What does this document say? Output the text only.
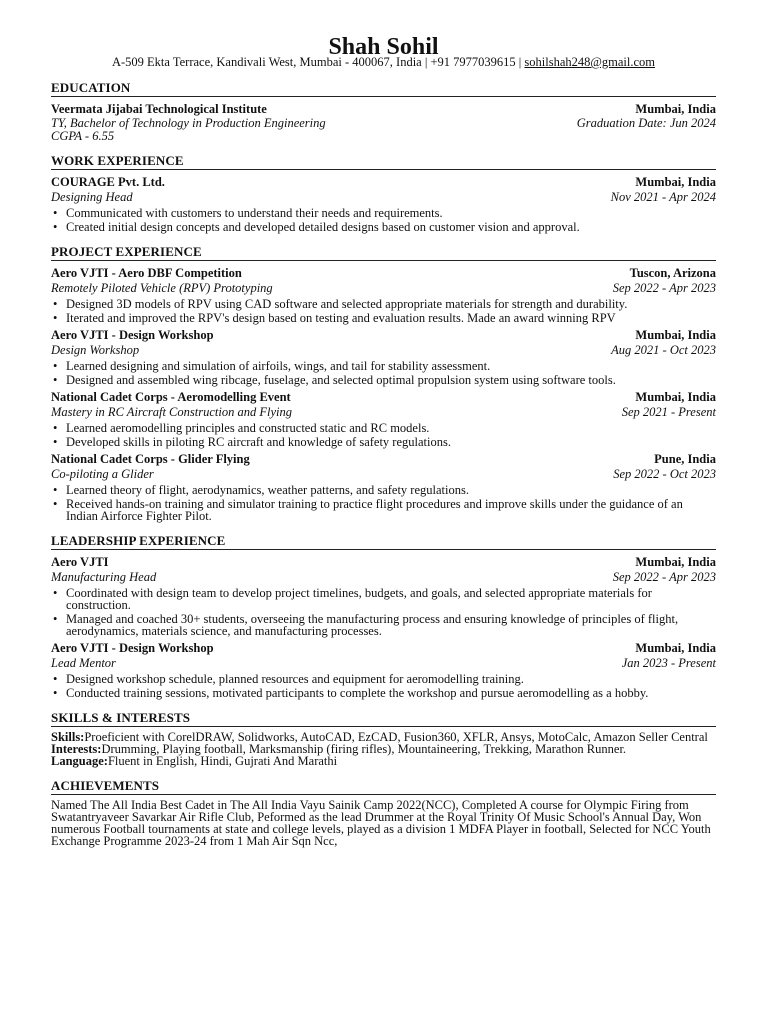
Shah Sohil
A-509 Ekta Terrace, Kandivali West, Mumbai - 400067, India | +91 7977039615 | sohilshah248@gmail.com
EDUCATION
Veermata Jijabai Technological Institute	Mumbai, India
TY, Bachelor of Technology in Production Engineering	Graduation Date: Jun 2024
CGPA - 6.55
WORK EXPERIENCE
COURAGE Pvt. Ltd.	Mumbai, India
Designing Head	Nov 2021 - Apr 2024
• Communicated with customers to understand their needs and requirements.
• Created initial design concepts and developed detailed designs based on customer vision and approval.
PROJECT EXPERIENCE
Aero VJTI - Aero DBF Competition	Tuscon, Arizona
Remotely Piloted Vehicle (RPV) Prototyping	Sep 2022 - Apr 2023
• Designed 3D models of RPV using CAD software and selected appropriate materials for strength and durability.
• Iterated and improved the RPV's design based on testing and evaluation results. Made an award winning RPV
Aero VJTI - Design Workshop	Mumbai, India
Design Workshop	Aug 2021 - Oct 2023
• Learned designing and simulation of airfoils, wings, and tail for stability assessment.
• Designed and assembled wing ribcage, fuselage, and selected optimal propulsion system using software tools.
National Cadet Corps - Aeromodelling Event	Mumbai, India
Mastery in RC Aircraft Construction and Flying	Sep 2021 - Present
• Learned aeromodelling principles and constructed static and RC models.
• Developed skills in piloting RC aircraft and knowledge of safety regulations.
National Cadet Corps - Glider Flying	Pune, India
Co-piloting a Glider	Sep 2022 - Oct 2023
• Learned theory of flight, aerodynamics, weather patterns, and safety regulations.
• Received hands-on training and simulator training to practice flight procedures and improve skills under the guidance of an Indian Airforce Fighter Pilot.
LEADERSHIP EXPERIENCE
Aero VJTI	Mumbai, India
Manufacturing Head	Sep 2022 - Apr 2023
• Coordinated with design team to develop project timelines, budgets, and goals, and selected appropriate materials for construction.
• Managed and coached 30+ students, overseeing the manufacturing process and ensuring knowledge of principles of flight, aerodynamics, materials science, and manufacturing processes.
Aero VJTI - Design Workshop	Mumbai, India
Lead Mentor	Jan 2023 - Present
• Designed workshop schedule, planned resources and equipment for aeromodelling training.
• Conducted training sessions, motivated participants to complete the workshop and pursue aeromodelling as a hobby.
SKILLS & INTERESTS
Skills:Proeficient with CorelDRAW, Solidworks, AutoCAD, EzCAD, Fusion360, XFLR, Ansys, MotoCalc, Amazon Seller Central
Interests:Drumming, Playing football, Marksmanship (firing rifles), Mountaineering, Trekking, Marathon Runner.
Language:Fluent in English, Hindi, Gujrati And Marathi
ACHIEVEMENTS
Named The All India Best Cadet in The All India Vayu Sainik Camp 2022(NCC), Completed A course for Olympic Firing from Swatantryaveer Savarkar Air Rifle Club, Peformed as the lead Drummer at the Royal Trinity Of Music School's Annual Day, Won numerous Football tournaments at state and college levels, played as a division 1 MDFA Player in football, Selected for NCC Youth Exchange Programme 2023-24 from 1 Mah Air Sqn Ncc,
